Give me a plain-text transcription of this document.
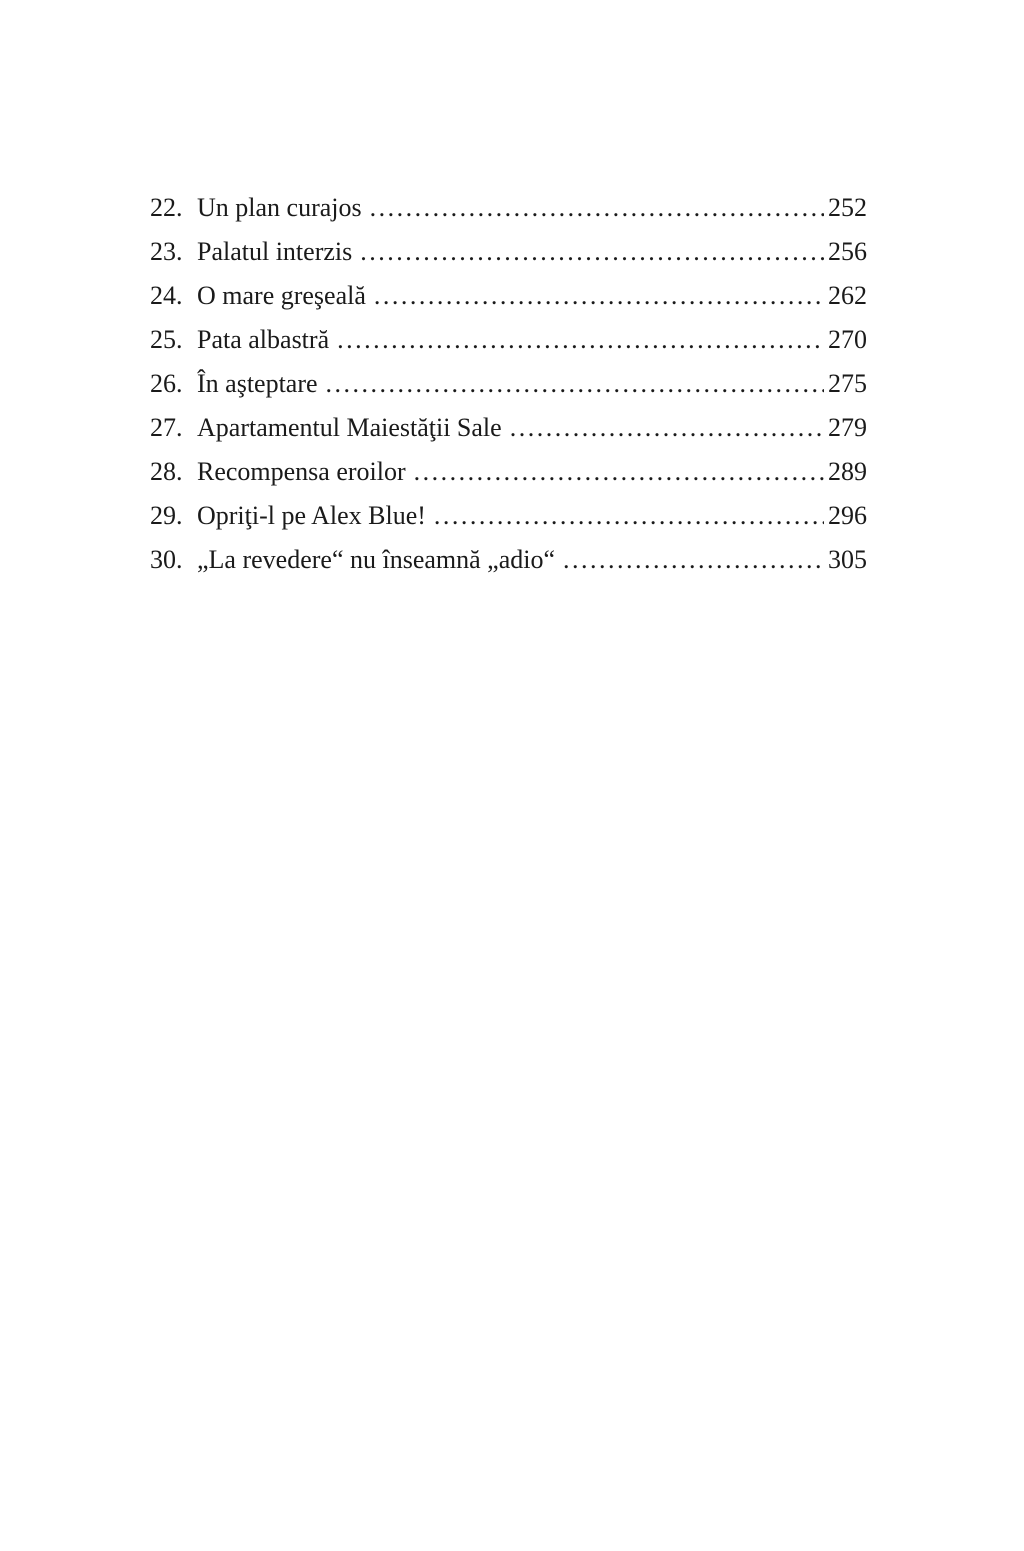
22. Un plan curajos . . .	252
23. Palatul interzis . . .	256
24. O mare greşeală . . .	262
25. Pata albastră . . .	270
26. În aşteptare . . .	275
27. Apartamentul Maiestăţii Sale . . .	279
28. Recompensa eroilor . . .	289
29. Opriţi-l pe Alex Blue! . . .	296
30. „La revedere“ nu înseamnă „adio“ . . .	305
